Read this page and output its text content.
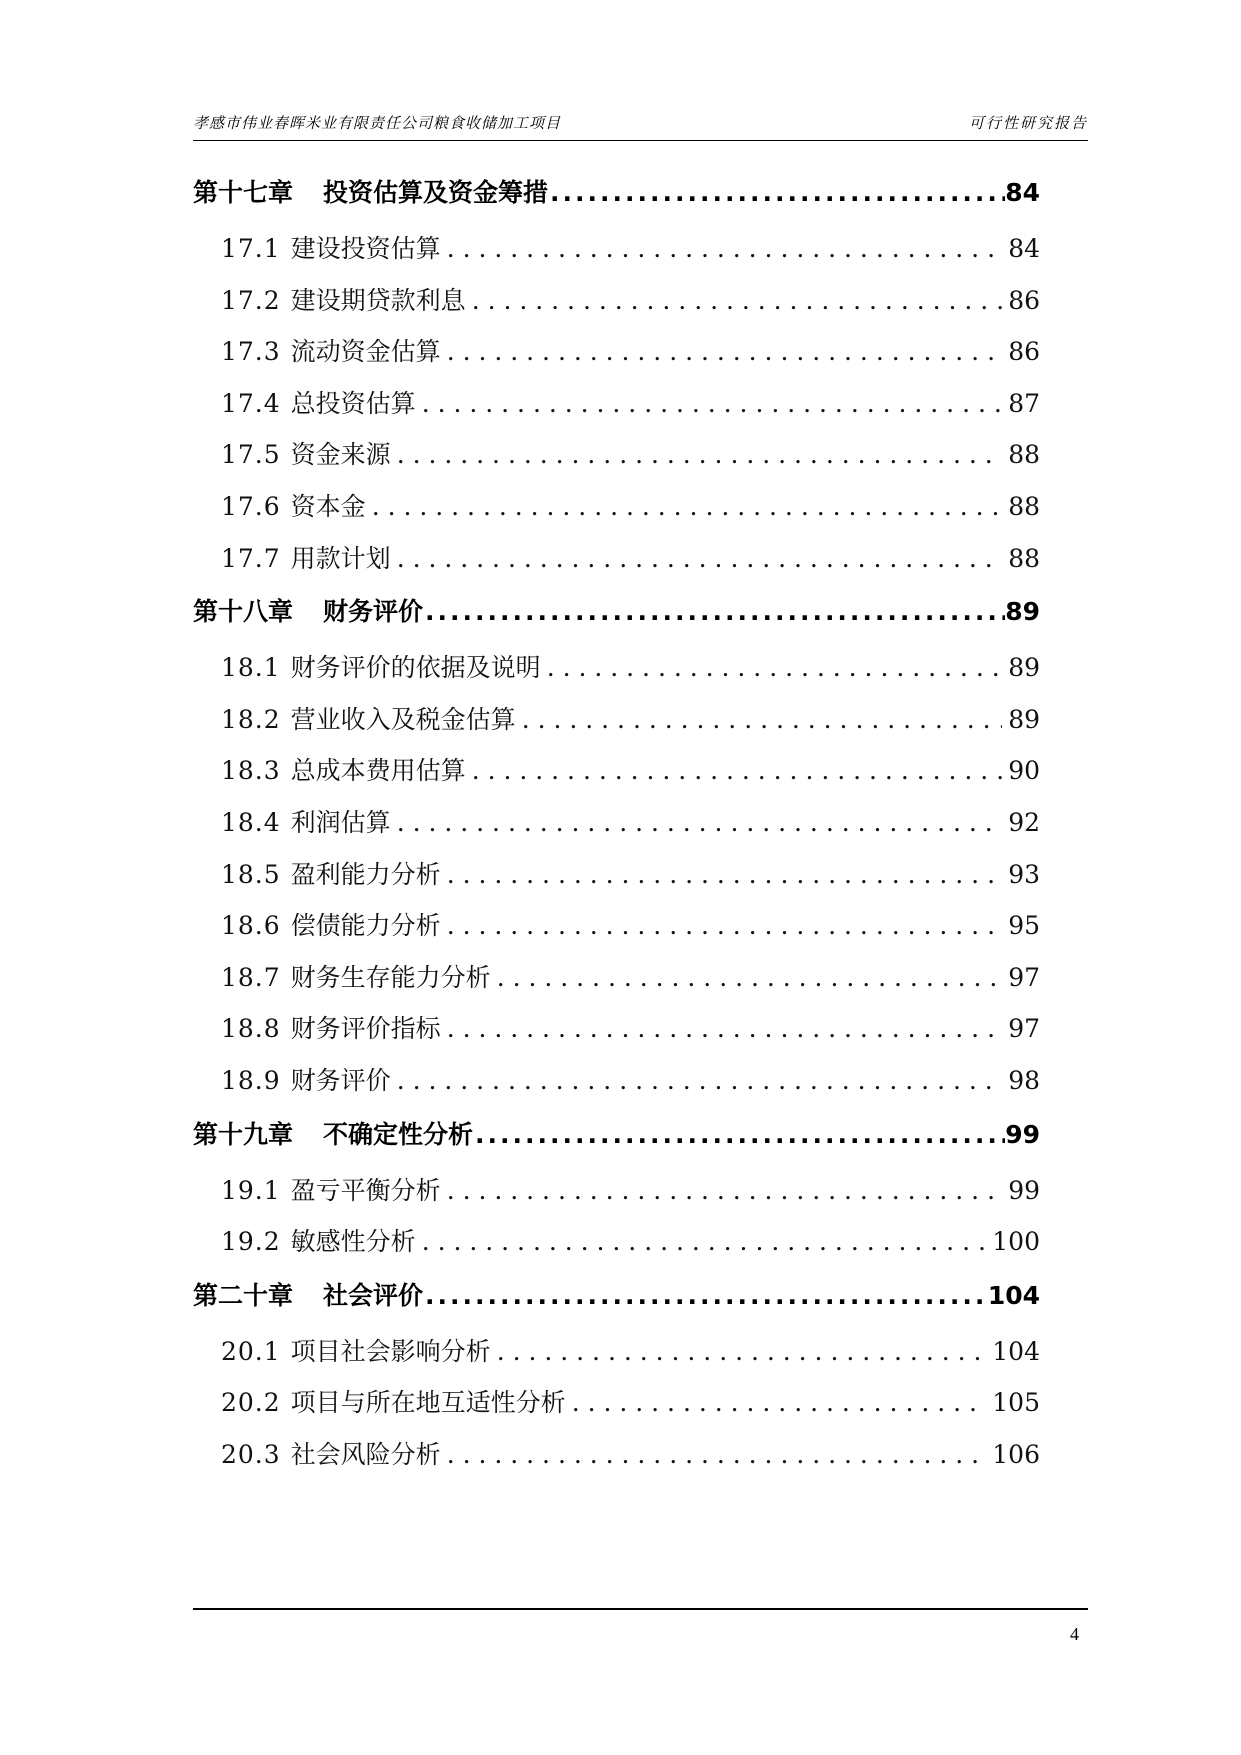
孝感市伟业春晖米业有限责任公司粮食收储加工项目	可行性研究报告
第十七章 投资估算及资金筹措 .....	84
17.1 建设投资估算 . . .	84
17.2 建设期贷款利息 . . .	86
17.3 流动资金估算 . . .	86
17.4 总投资估算 . . .	87
17.5 资金来源 . . .	88
17.6 资本金 . . .	88
17.7 用款计划 . . .	88
第十八章 财务评价 .....	89
18.1 财务评价的依据及说明 . . .	89
18.2 营业收入及税金估算 . . .	89
18.3 总成本费用估算 . . .	90
18.4 利润估算 . . .	92
18.5 盈利能力分析 . . .	93
18.6 偿债能力分析 . . .	95
18.7 财务生存能力分析 . . .	97
18.8 财务评价指标 . . .	97
18.9 财务评价 . . .	98
第十九章 不确定性分析 .....	99
19.1 盈亏平衡分析 . . .	99
19.2 敏感性分析 . . .	100
第二十章 社会评价 .....	104
20.1 项目社会影响分析 . . .	104
20.2 项目与所在地互适性分析 . . .	105
20.3 社会风险分析 . . .	106
4
